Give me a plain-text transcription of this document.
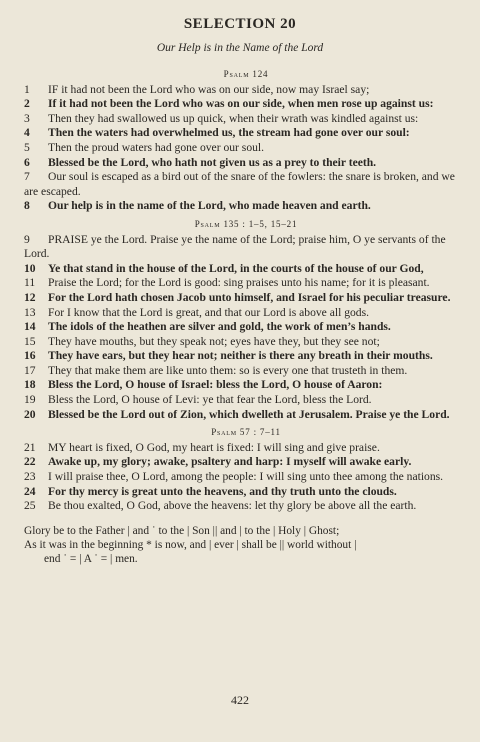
SELECTION 20
Our Help is in the Name of the Lord
Psalm 124
1	IF it had not been the Lord who was on our side, now may Israel say;
2	If it had not been the Lord who was on our side, when men rose up against us:
3	Then they had swallowed us up quick, when their wrath was kindled against us:
4	Then the waters had overwhelmed us, the stream had gone over our soul:
5	Then the proud waters had gone over our soul.
6	Blessed be the Lord, who hath not given us as a prey to their teeth.
7 Our soul is escaped as a bird out of the snare of the fowlers: the snare is broken, and we are escaped.
8	Our help is in the name of the Lord, who made heaven and earth.
Psalm 135 : 1–5, 15–21
9 PRAISE ye the Lord. Praise ye the name of the Lord; praise him, O ye servants of the Lord.
10	Ye that stand in the house of the Lord, in the courts of the house of our God,
11	Praise the Lord; for the Lord is good: sing praises unto his name; for it is pleasant.
12	For the Lord hath chosen Jacob unto himself, and Israel for his peculiar treasure.
13	For I know that the Lord is great, and that our Lord is above all gods.
14	The idols of the heathen are silver and gold, the work of men’s hands.
15	They have mouths, but they speak not; eyes have they, but they see not;
16	They have ears, but they hear not; neither is there any breath in their mouths.
17	They that make them are like unto them: so is every one that trusteth in them.
18	Bless the Lord, O house of Israel: bless the Lord, O house of Aaron:
19	Bless the Lord, O house of Levi: ye that fear the Lord, bless the Lord.
20	Blessed be the Lord out of Zion, which dwelleth at Jerusalem. Praise ye the Lord.
Psalm 57 : 7–11
21	MY heart is fixed, O God, my heart is fixed: I will sing and give praise.
22	Awake up, my glory; awake, psaltery and harp: I myself will awake early.
23	I will praise thee, O Lord, among the people: I will sing unto thee among the nations.
24	For thy mercy is great unto the heavens, and thy truth unto the clouds.
25	Be thou exalted, O God, above the heavens: let thy glory be above all the earth.
Glory be to the Father | and ˙ to the | Son || and | to the | Holy | Ghost;
As it was in the beginning * is now, and | ever | shall be || world without |
end ˙ = | A ˙ = | men.
422
